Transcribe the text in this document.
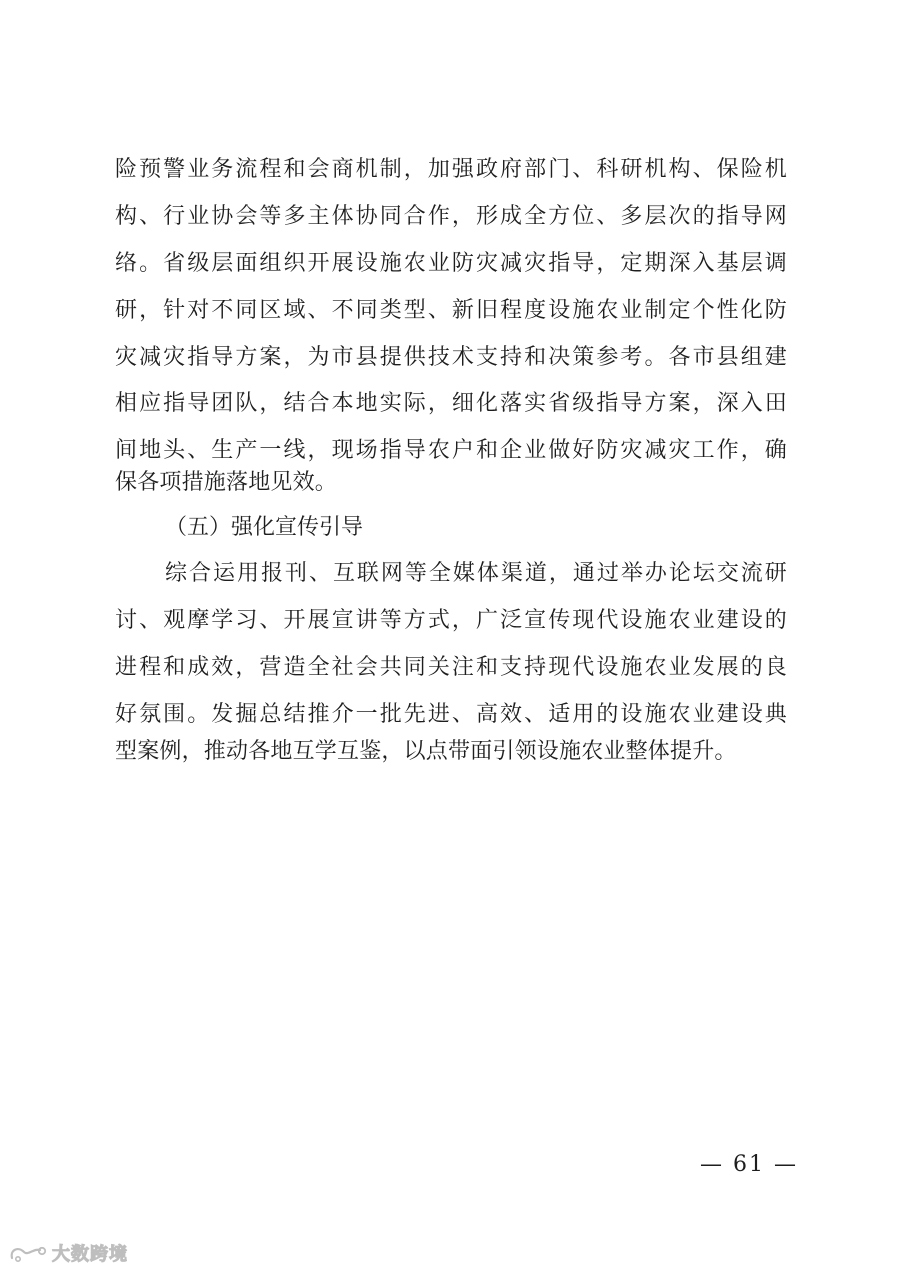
险预警业务流程和会商机制，加强政府部门、科研机构、保险机
构、行业协会等多主体协同合作，形成全方位、多层次的指导网
络。省级层面组织开展设施农业防灾减灾指导，定期深入基层调
研，针对不同区域、不同类型、新旧程度设施农业制定个性化防
灾减灾指导方案，为市县提供技术支持和决策参考。各市县组建
相应指导团队，结合本地实际，细化落实省级指导方案，深入田
间地头、生产一线，现场指导农户和企业做好防灾减灾工作，确
保各项措施落地见效。
（五）强化宣传引导
综合运用报刊、互联网等全媒体渠道，通过举办论坛交流研
讨、观摩学习、开展宣讲等方式，广泛宣传现代设施农业建设的
进程和成效，营造全社会共同关注和支持现代设施农业发展的良
好氛围。发掘总结推介一批先进、高效、适用的设施农业建设典
型案例，推动各地互学互鉴，以点带面引领设施农业整体提升。
— 61 —
大数跨境
